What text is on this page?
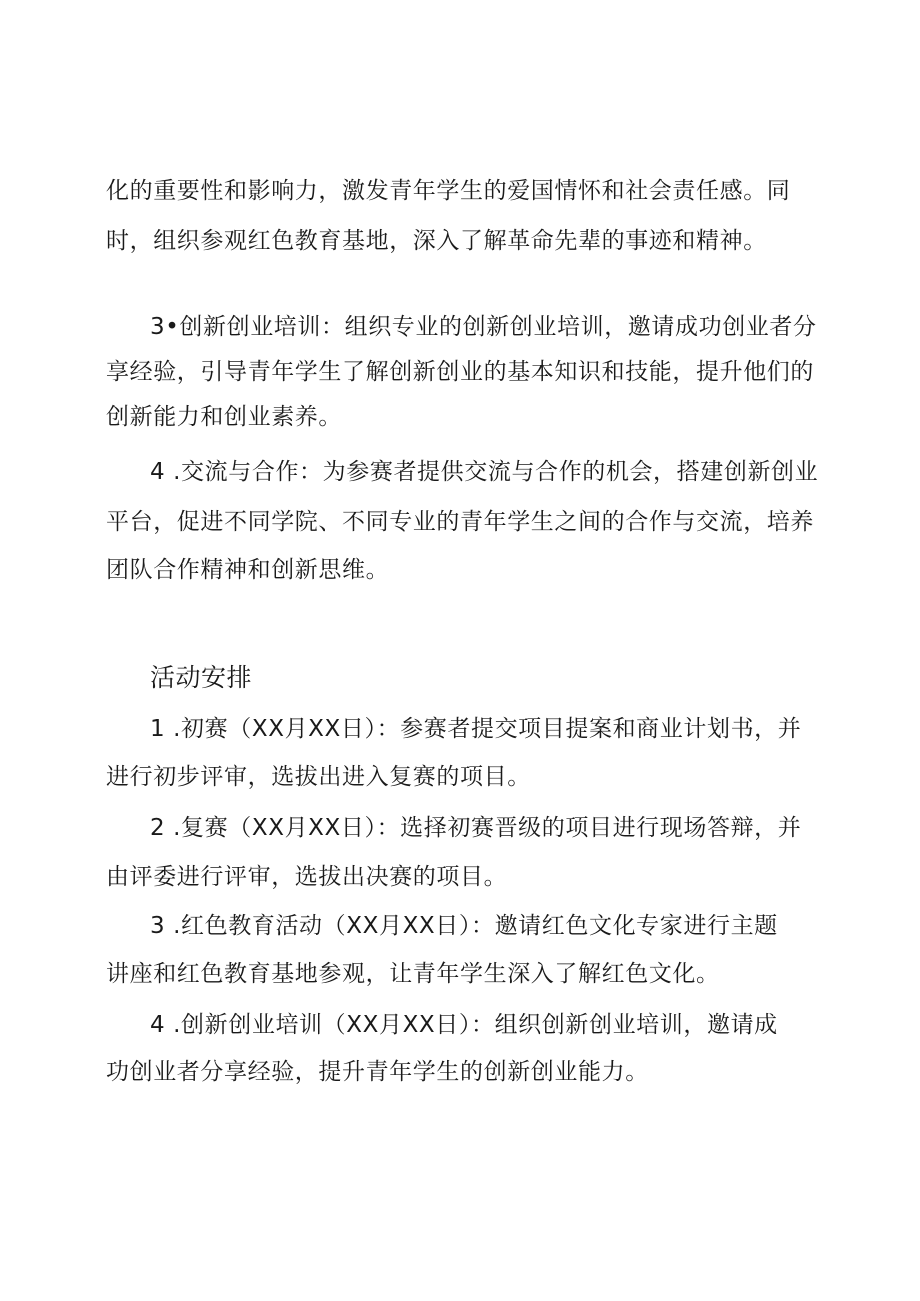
化的重要性和影响力，激发青年学生的爱国情怀和社会责任感。同
时，组织参观红色教育基地，深入了解革命先辈的事迹和精神。
3•创新创业培训：组织专业的创新创业培训，邀请成功创业者分
享经验，引导青年学生了解创新创业的基本知识和技能，提升他们的
创新能力和创业素养。
4 .交流与合作：为参赛者提供交流与合作的机会，搭建创新创业
平台，促进不同学院、不同专业的青年学生之间的合作与交流，培养
团队合作精神和创新思维。
活动安排
1 .初赛（XX月XX日）：参赛者提交项目提案和商业计划书，并
进行初步评审，选拔出进入复赛的项目。
2 .复赛（XX月XX日）：选择初赛晋级的项目进行现场答辩，并
由评委进行评审，选拔出决赛的项目。
3 .红色教育活动（XX月XX日）：邀请红色文化专家进行主题
讲座和红色教育基地参观，让青年学生深入了解红色文化。
4 .创新创业培训（XX月XX日）：组织创新创业培训，邀请成
功创业者分享经验，提升青年学生的创新创业能力。
